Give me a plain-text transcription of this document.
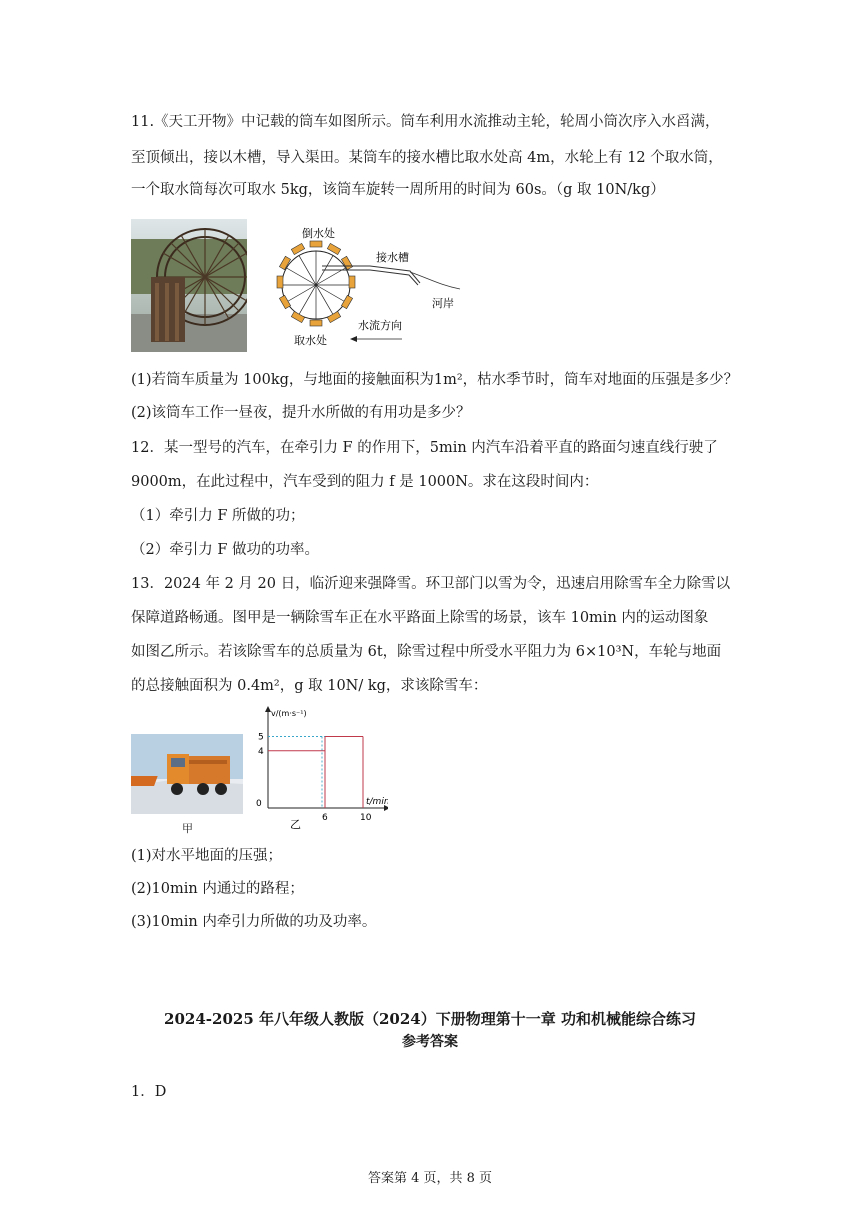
11.《天工开物》中记载的筒车如图所示。筒车利用水流推动主轮，轮周小筒次序入水舀满，
至顶倾出，接以木槽，导入渠田。某筒车的接水槽比取水处高 4m，水轮上有 12 个取水筒，
一个取水筒每次可取水 5kg，该筒车旋转一周所用的时间为 60s。（g 取 10N/kg）
倒水处
接水槽
河岸
水流方向
取水处
(1)若筒车质量为 100kg，与地面的接触面积为1m²，枯水季节时，筒车对地面的压强是多少？
(2)该筒车工作一昼夜，提升水所做的有用功是多少？
12．某一型号的汽车，在牵引力 F 的作用下，5min 内汽车沿着平直的路面匀速直线行驶了
9000m，在此过程中，汽车受到的阻力 f 是 1000N。求在这段时间内：
（1）牵引力 F 所做的功；
（2）牵引力 F 做功的功率。
13．2024 年 2 月 20 日，临沂迎来强降雪。环卫部门以雪为令，迅速启用除雪车全力除雪以
保障道路畅通。图甲是一辆除雪车正在水平路面上除雪的场景，该车 10min 内的运动图象
如图乙所示。若该除雪车的总质量为 6t，除雪过程中所受水平阻力为 6×10³N，车轮与地面
的总接触面积为 0.4m²，g 取 10N/ kg，求该除雪车：
甲
t/min
v/(m·s⁻¹)
4
5
0
6	10
乙
(1)对水平地面的压强；
(2)10min 内通过的路程；
(3)10min 内牵引力所做的功及功率。
2024-2025 年八年级人教版（2024）下册物理第十一章 功和机械能综合练习
参考答案
1．D
答案第 4 页，共 8 页
